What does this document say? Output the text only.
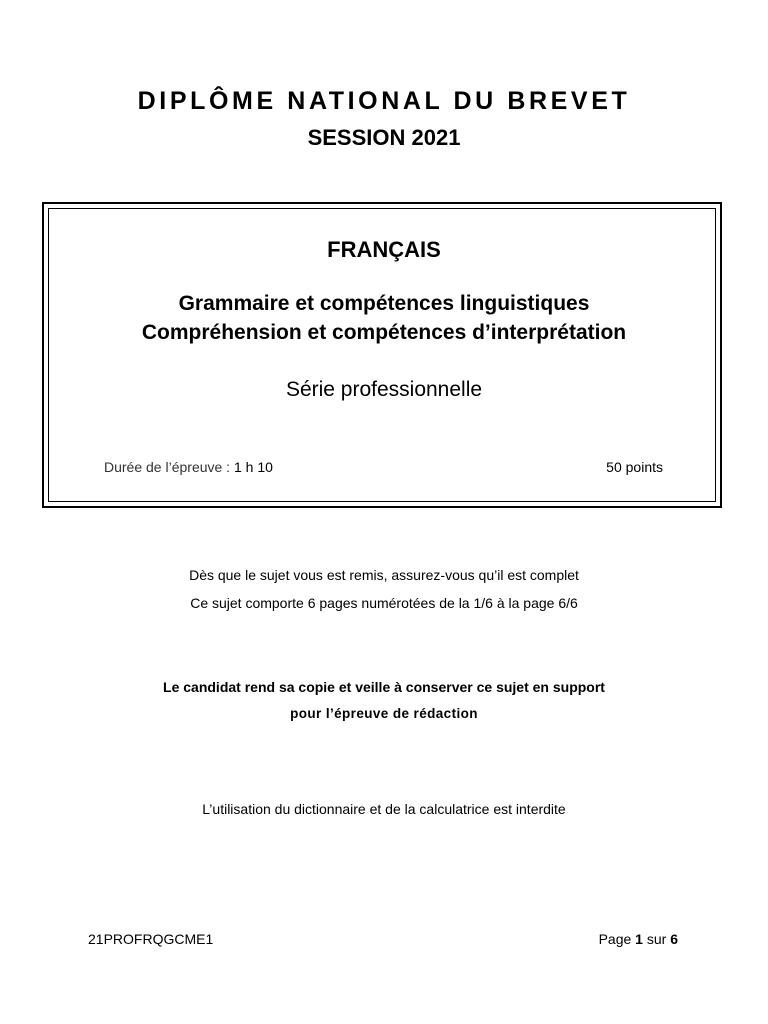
DIPLÔME NATIONAL DU BREVET
SESSION 2021
FRANÇAIS
Grammaire et compétences linguistiques
Compréhension et compétences d’interprétation
Série professionnelle
Durée de l’épreuve : 1 h 10	50 points
Dès que le sujet vous est remis, assurez-vous qu’il est complet
Ce sujet comporte 6 pages numérotées de la 1/6 à la page 6/6
Le candidat rend sa copie et veille à conserver ce sujet en support
pour l’épreuve de rédaction
L’utilisation du dictionnaire et de la calculatrice est interdite
21PROFRQGCME1	Page 1 sur 6
